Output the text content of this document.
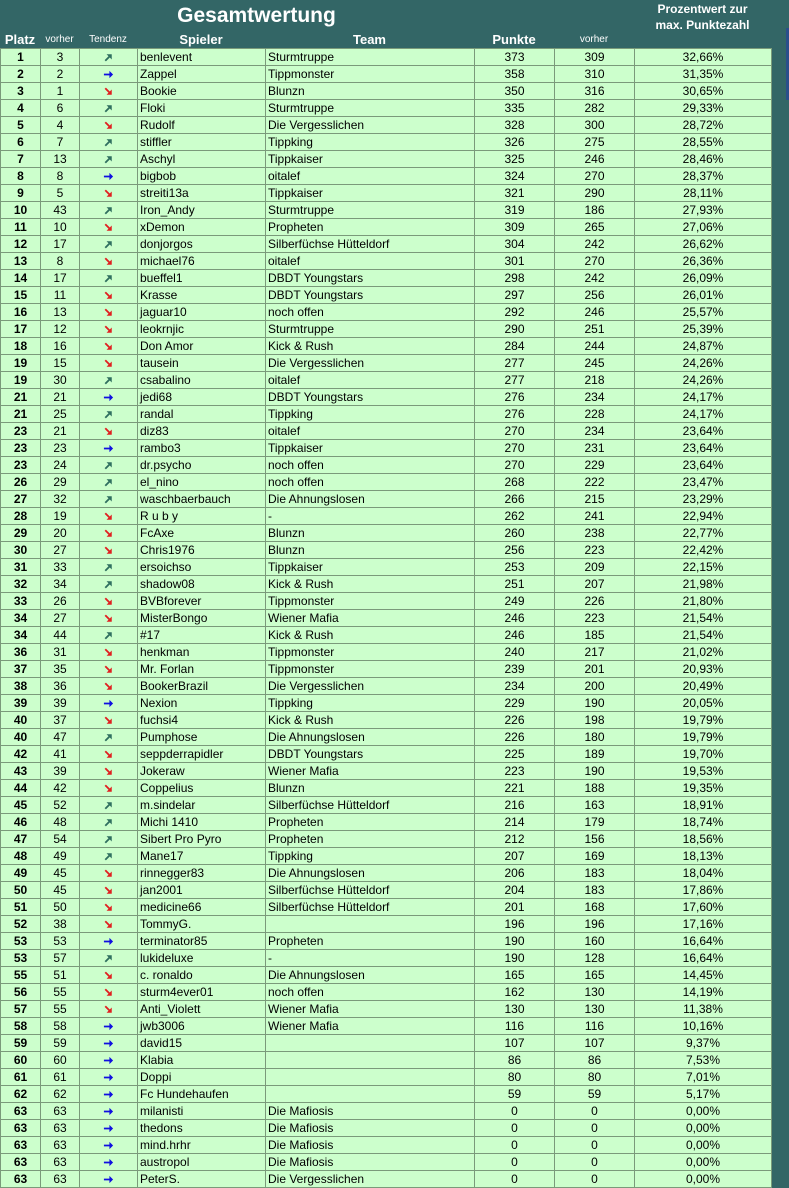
Gesamtwertung	Prozentwert zur
max. Punktezahl
Platz	vorher	Tendenz	Spieler	Team	Punkte	vorher
1	3		benlevent	Sturmtruppe	373	309	32,66%
2	2		Zappel	Tippmonster	358	310	31,35%
3	1		Bookie	Blunzn	350	316	30,65%
4	6		Floki	Sturmtruppe	335	282	29,33%
5	4		Rudolf	Die Vergesslichen	328	300	28,72%
6	7		stiffler	Tippking	326	275	28,55%
7	13		Aschyl	Tippkaiser	325	246	28,46%
8	8		bigbob	oitalef	324	270	28,37%
9	5		streiti13a	Tippkaiser	321	290	28,11%
10	43		Iron_Andy	Sturmtruppe	319	186	27,93%
11	10		xDemon	Propheten	309	265	27,06%
12	17		donjorgos	Silberfüchse Hütteldorf	304	242	26,62%
13	8		michael76	oitalef	301	270	26,36%
14	17		bueffel1	DBDT Youngstars	298	242	26,09%
15	11		Krasse	DBDT Youngstars	297	256	26,01%
16	13		jaguar10	noch offen	292	246	25,57%
17	12		leokrnjic	Sturmtruppe	290	251	25,39%
18	16		Don Amor	Kick & Rush	284	244	24,87%
19	15		tausein	Die Vergesslichen	277	245	24,26%
19	30		csabalino	oitalef	277	218	24,26%
21	21		jedi68	DBDT Youngstars	276	234	24,17%
21	25		randal	Tippking	276	228	24,17%
23	21		diz83	oitalef	270	234	23,64%
23	23		rambo3	Tippkaiser	270	231	23,64%
23	24		dr.psycho	noch offen	270	229	23,64%
26	29		el_nino	noch offen	268	222	23,47%
27	32		waschbaerbauch	Die Ahnungslosen	266	215	23,29%
28	19		R u b y	-	262	241	22,94%
29	20		FcAxe	Blunzn	260	238	22,77%
30	27		Chris1976	Blunzn	256	223	22,42%
31	33		ersoichso	Tippkaiser	253	209	22,15%
32	34		shadow08	Kick & Rush	251	207	21,98%
33	26		BVBforever	Tippmonster	249	226	21,80%
34	27		MisterBongo	Wiener Mafia	246	223	21,54%
34	44		#17	Kick & Rush	246	185	21,54%
36	31		henkman	Tippmonster	240	217	21,02%
37	35		Mr. Forlan	Tippmonster	239	201	20,93%
38	36		BookerBrazil	Die Vergesslichen	234	200	20,49%
39	39		Nexion	Tippking	229	190	20,05%
40	37		fuchsi4	Kick & Rush	226	198	19,79%
40	47		Pumphose	Die Ahnungslosen	226	180	19,79%
42	41		seppderrapidler	DBDT Youngstars	225	189	19,70%
43	39		Jokeraw	Wiener Mafia	223	190	19,53%
44	42		Coppelius	Blunzn	221	188	19,35%
45	52		m.sindelar	Silberfüchse Hütteldorf	216	163	18,91%
46	48		Michi 1410	Propheten	214	179	18,74%
47	54		Sibert Pro Pyro	Propheten	212	156	18,56%
48	49		Mane17	Tippking	207	169	18,13%
49	45		rinnegger83	Die Ahnungslosen	206	183	18,04%
50	45		jan2001	Silberfüchse Hütteldorf	204	183	17,86%
51	50		medicine66	Silberfüchse Hütteldorf	201	168	17,60%
52	38		TommyG.		196	196	17,16%
53	53		terminator85	Propheten	190	160	16,64%
53	57		lukideluxe	-	190	128	16,64%
55	51		c. ronaldo	Die Ahnungslosen	165	165	14,45%
56	55		sturm4ever01	noch offen	162	130	14,19%
57	55		Anti_Violett	Wiener Mafia	130	130	11,38%
58	58		jwb3006	Wiener Mafia	116	116	10,16%
59	59		david15		107	107	9,37%
60	60		Klabia		86	86	7,53%
61	61		Doppi		80	80	7,01%
62	62		Fc Hundehaufen		59	59	5,17%
63	63		milanisti	Die Mafiosis	0	0	0,00%
63	63		thedons	Die Mafiosis	0	0	0,00%
63	63		mind.hrhr	Die Mafiosis	0	0	0,00%
63	63		austropol	Die Mafiosis	0	0	0,00%
63	63		PeterS.	Die Vergesslichen	0	0	0,00%
